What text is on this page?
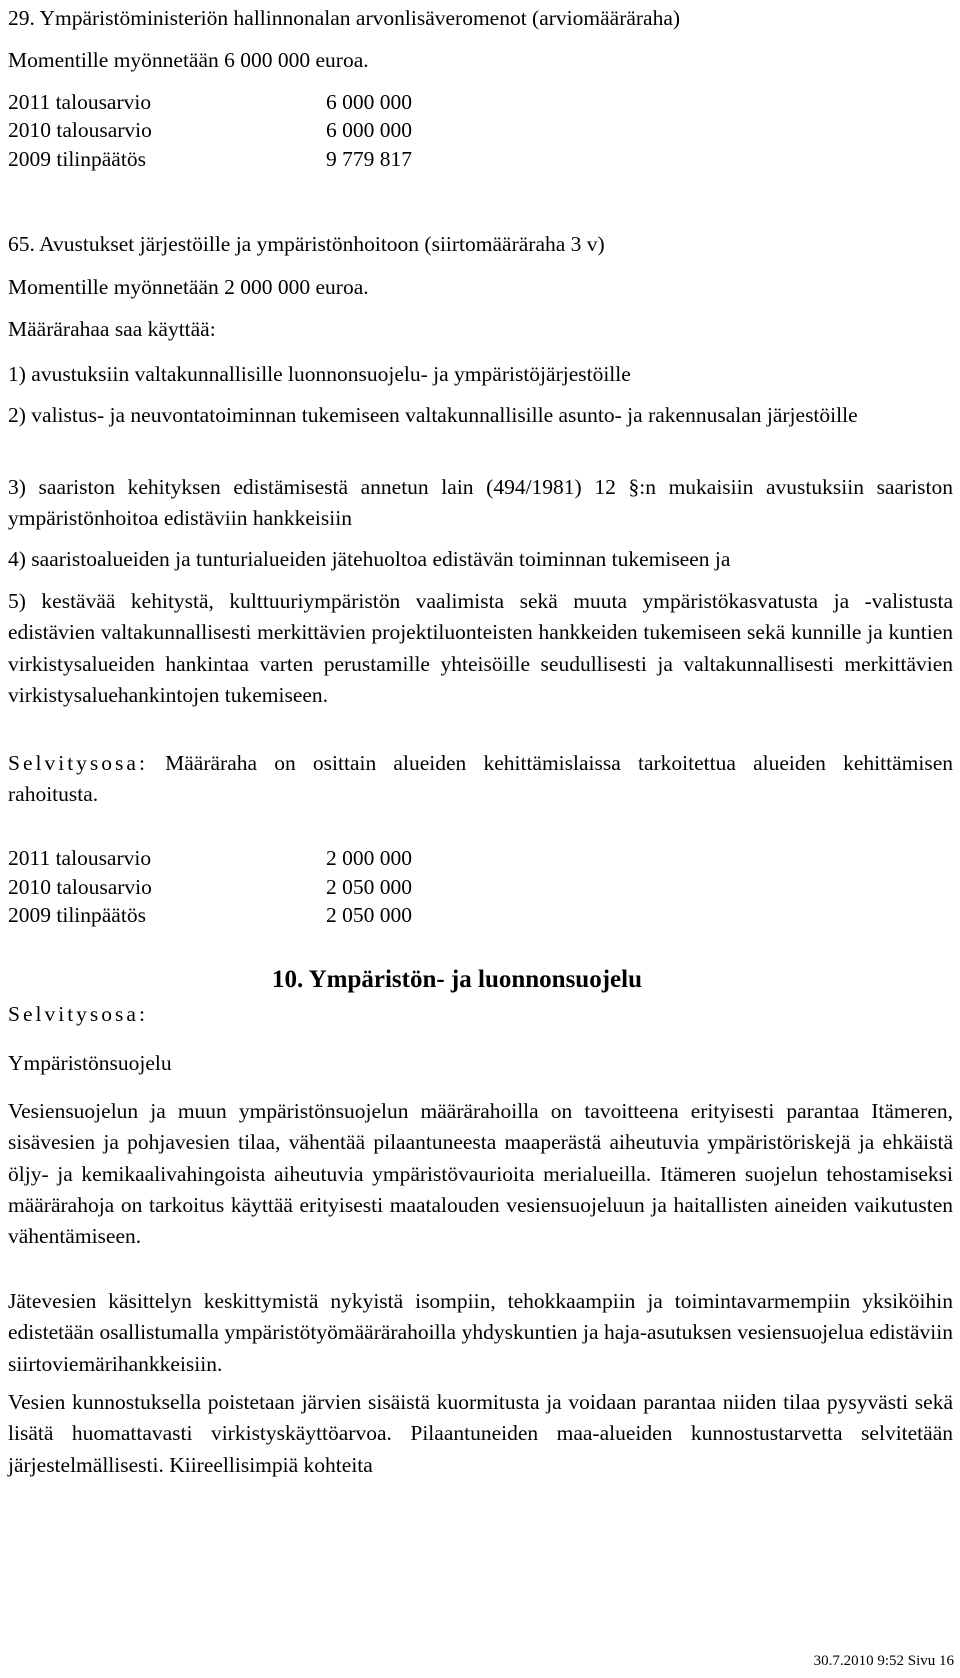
29. Ympäristöministeriön hallinnonalan arvonlisäveromenot (arviomääräraha)
Momentille myönnetään 6 000 000 euroa.
2011 talousarvio	6 000 000
2010 talousarvio	6 000 000
2009 tilinpäätös	9 779 817
65. Avustukset järjestöille ja ympäristönhoitoon (siirtomääräraha 3 v)
Momentille myönnetään 2 000 000 euroa.
Määrärahaa saa käyttää:
1) avustuksiin valtakunnallisille luonnonsuojelu- ja ympäristöjärjestöille
2) valistus- ja neuvontatoiminnan tukemiseen valtakunnallisille asunto- ja rakennusalan järjestöille
3) saariston kehityksen edistämisestä annetun lain (494/1981) 12 §:n mukaisiin avustuksiin saariston ympäristönhoitoa edistäviin hankkeisiin
4) saaristoalueiden ja tunturialueiden jätehuoltoa edistävän toiminnan tukemiseen ja
5) kestävää kehitystä, kulttuuriympäristön vaalimista sekä muuta ympäristökasvatusta ja -valistusta edistävien valtakunnallisesti merkittävien projektiluonteisten hankkeiden tukemiseen sekä kunnille ja kuntien virkistysalueiden hankintaa varten perustamille yhteisöille seudullisesti ja valtakunnallisesti merkittävien virkistysaluehankintojen tukemiseen.
Selvitysosa: Määräraha on osittain alueiden kehittämislaissa tarkoitettua alueiden kehittämisen rahoitusta.
2011 talousarvio	2 000 000
2010 talousarvio	2 050 000
2009 tilinpäätös	2 050 000
10. Ympäristön- ja luonnonsuojelu
Selvitysosa:
Ympäristönsuojelu
Vesiensuojelun ja muun ympäristönsuojelun määrärahoilla on tavoitteena erityisesti parantaa Itämeren, sisävesien ja pohjavesien tilaa, vähentää pilaantuneesta maaperästä aiheutuvia ympäristöriskejä ja ehkäistä öljy- ja kemikaalivahingoista aiheutuvia ympäristövaurioita merialueilla. Itämeren suojelun tehostamiseksi määrärahoja on tarkoitus käyttää erityisesti maatalouden vesiensuojeluun ja haitallisten aineiden vaikutusten vähentämiseen.
Jätevesien käsittelyn keskittymistä nykyistä isompiin, tehokkaampiin ja toimintavarmempiin yksiköihin edistetään osallistumalla ympäristötyömäärärahoilla yhdyskuntien ja haja-asutuksen vesiensuojelua edistäviin siirtoviemärihankkeisiin.
Vesien kunnostuksella poistetaan järvien sisäistä kuormitusta ja voidaan parantaa niiden tilaa pysyvästi sekä lisätä huomattavasti virkistyskäyttöarvoa. Pilaantuneiden maa-alueiden kunnostustarvetta selvitetään järjestelmällisesti. Kiireellisimpiä kohteita
30.7.2010 9:52 Sivu 16
